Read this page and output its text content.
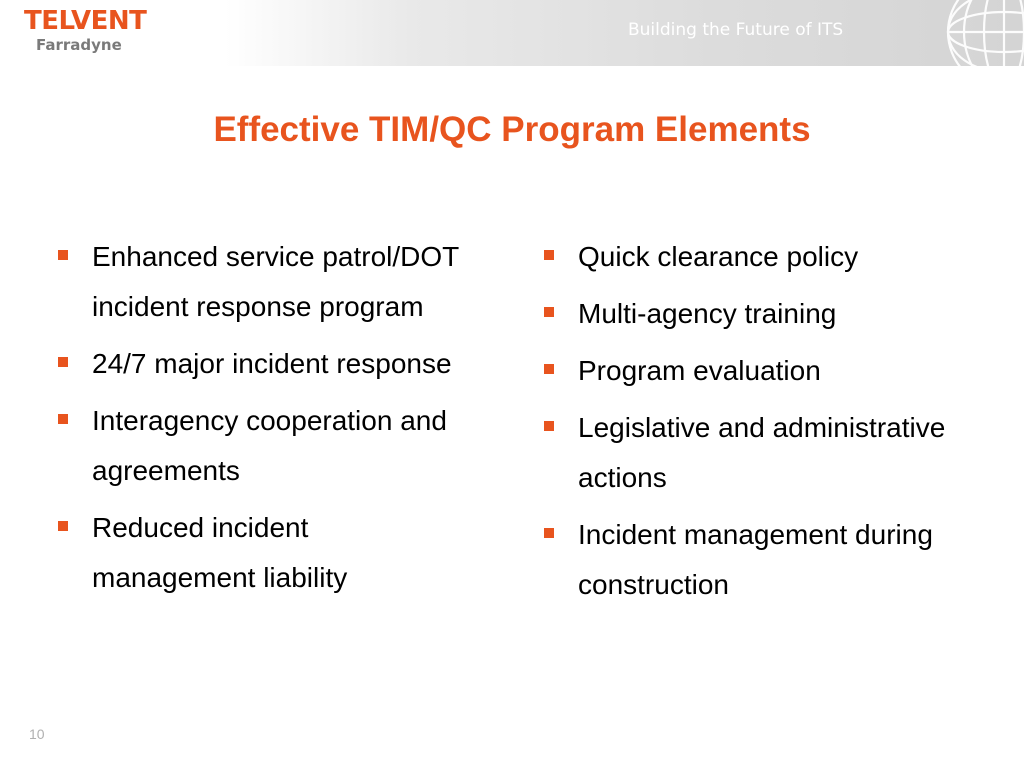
TELVENT
Farradyne
Building the Future of ITS
Effective TIM/QC Program Elements
Enhanced service patrol/DOT incident response program
24/7 major incident response
Interagency cooperation and agreements
Reduced incident management liability
Quick clearance policy
Multi-agency training
Program evaluation
Legislative and administrative actions
Incident management during construction
10
